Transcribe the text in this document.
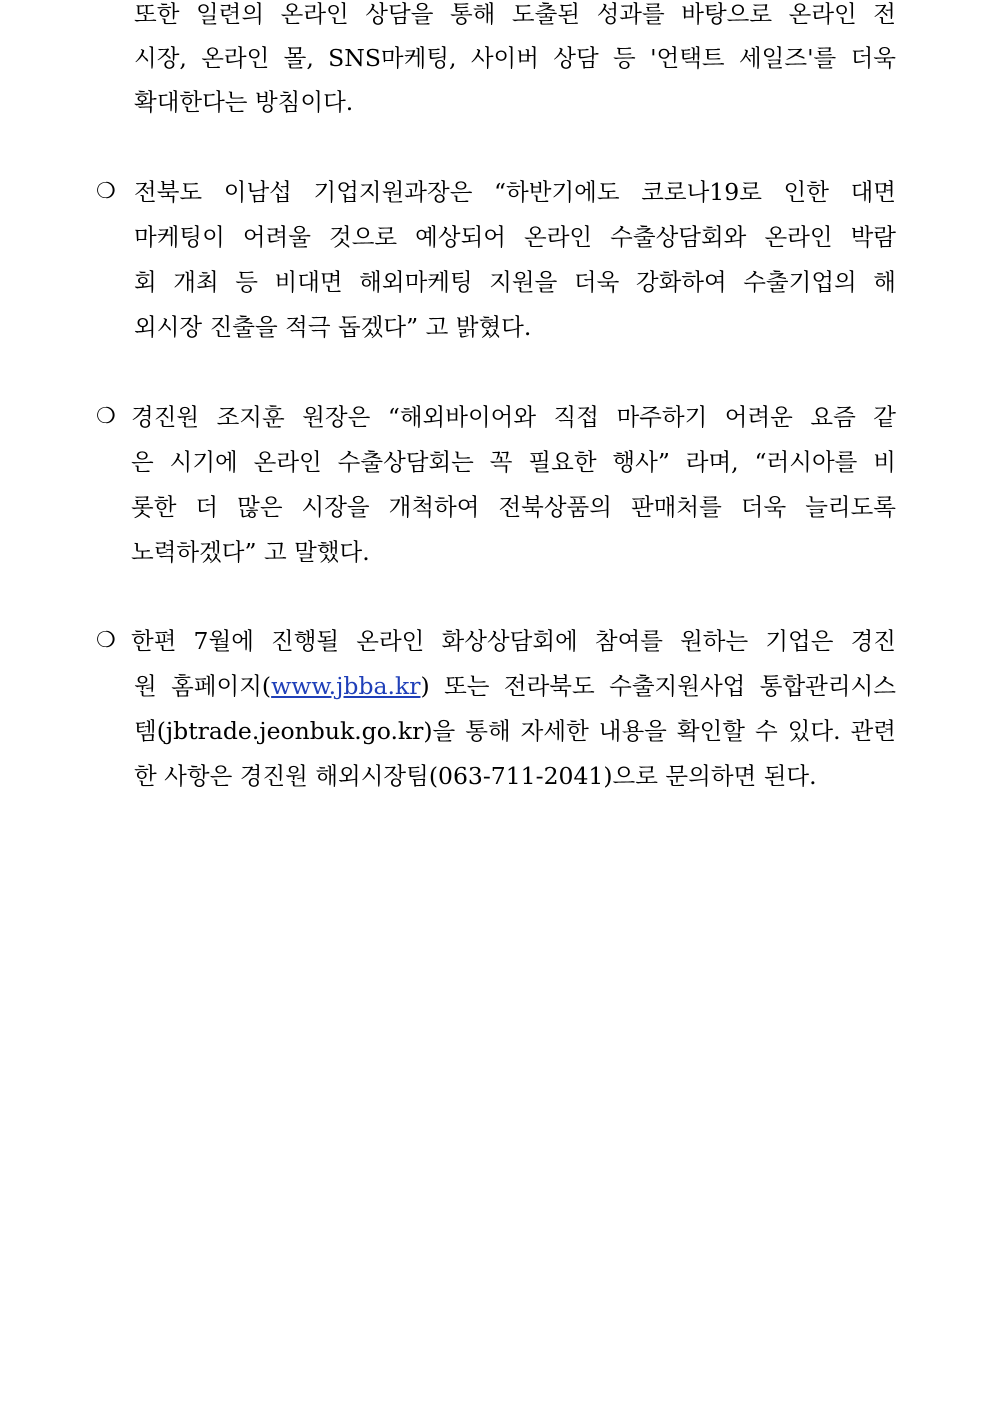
또한 일련의 온라인 상담을 통해 도출된 성과를 바탕으로 온라인 전
시장, 온라인 몰, SNS마케팅, 사이버 상담 등 '언택트 세일즈'를 더욱
확대한다는 방침이다.
❍ 전북도 이남섭 기업지원과장은 “하반기에도 코로나19로 인한 대면
마케팅이 어려울 것으로 예상되어 온라인 수출상담회와 온라인 박람
회 개최 등 비대면 해외마케팅 지원을 더욱 강화하여 수출기업의 해
외시장 진출을 적극 돕겠다” 고 밝혔다.
❍ 경진원 조지훈 원장은 “해외바이어와 직접 마주하기 어려운 요즘 같
은 시기에 온라인 수출상담회는 꼭 필요한 행사” 라며, “러시아를 비
롯한 더 많은 시장을 개척하여 전북상품의 판매처를 더욱 늘리도록
노력하겠다” 고 말했다.
❍ 한편 7월에 진행될 온라인 화상상담회에 참여를 원하는 기업은 경진
원 홈페이지(www.jbba.kr) 또는 전라북도 수출지원사업 통합관리시스
템(jbtrade.jeonbuk.go.kr)을 통해 자세한 내용을 확인할 수 있다. 관련
한 사항은 경진원 해외시장팀(063-711-2041)으로 문의하면 된다.
